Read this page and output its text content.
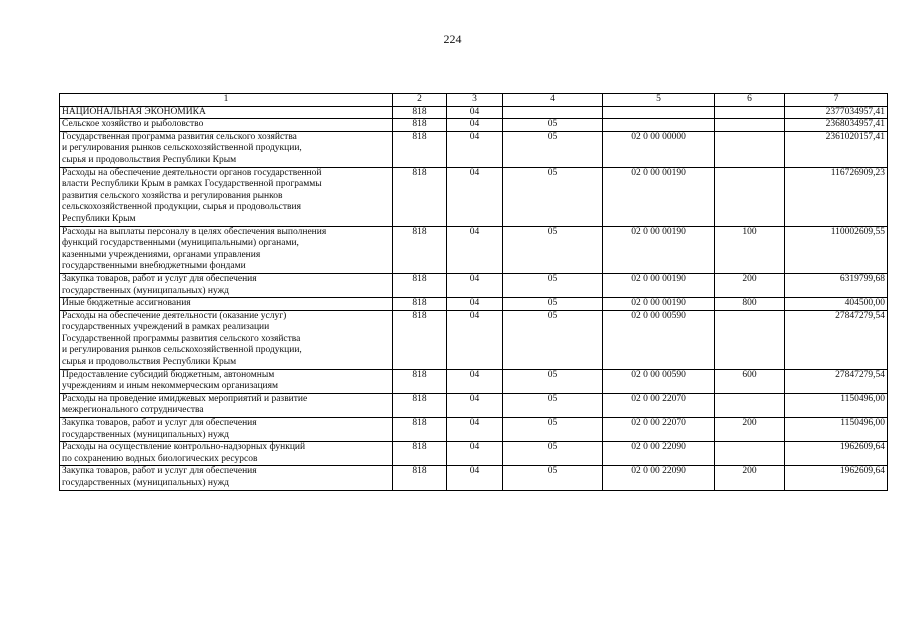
224
1	2	3	4	5	6	7
НАЦИОНАЛЬНАЯ ЭКОНОМИКА	818	04				2377034957,41
Сельское хозяйство и рыболовство	818	04	05			2368034957,41
Государственная программа развития сельского хозяйства
и регулирования рынков сельскохозяйственной продукции,
сырья и продовольствия Республики Крым	818	04	05	02 0 00 00000		2361020157,41
Расходы на обеспечение деятельности органов государственной
власти Республики Крым в рамках Государственной программы
развития сельского хозяйства и регулирования рынков
сельскохозяйственной продукции, сырья и продовольствия
Республики Крым	818	04	05	02 0 00 00190		116726909,23
Расходы на выплаты персоналу в целях обеспечения выполнения
функций государственными (муниципальными) органами,
казенными учреждениями, органами управления
государственными внебюджетными фондами	818	04	05	02 0 00 00190	100	110002609,55
Закупка товаров, работ и услуг для обеспечения
государственных (муниципальных) нужд	818	04	05	02 0 00 00190	200	6319799,68
Иные бюджетные ассигнования	818	04	05	02 0 00 00190	800	404500,00
Расходы на обеспечение деятельности (оказание услуг)
государственных учреждений в рамках реализации
Государственной программы развития сельского хозяйства
и регулирования рынков сельскохозяйственной продукции,
сырья и продовольствия Республики Крым	818	04	05	02 0 00 00590		27847279,54
Предоставление субсидий бюджетным, автономным
учреждениям и иным некоммерческим организациям	818	04	05	02 0 00 00590	600	27847279,54
Расходы на проведение имиджевых мероприятий и развитие
межрегионального сотрудничества	818	04	05	02 0 00 22070		1150496,00
Закупка товаров, работ и услуг для обеспечения
государственных (муниципальных) нужд	818	04	05	02 0 00 22070	200	1150496,00
Расходы на осуществление контрольно-надзорных функций
по сохранению водных биологических ресурсов	818	04	05	02 0 00 22090		1962609,64
Закупка товаров, работ и услуг для обеспечения
государственных (муниципальных) нужд	818	04	05	02 0 00 22090	200	1962609,64
